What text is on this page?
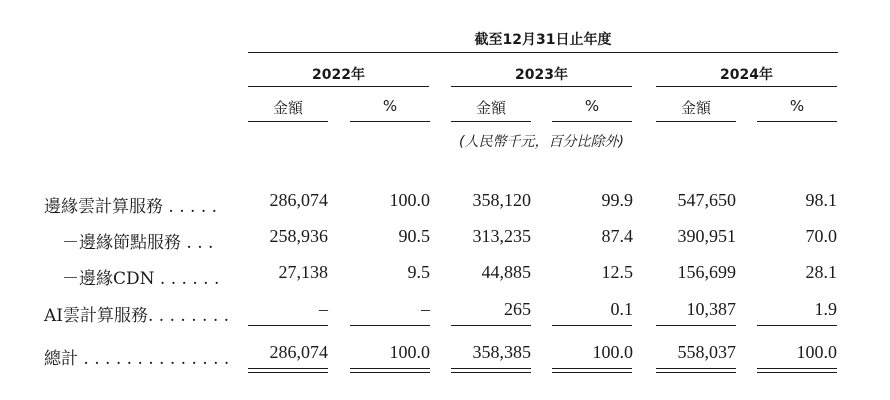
截至12月31日止年度
2022年	2023年	2024年
金額	%	金額	%	金額	%
(人民幣千元，百分比除外)
邊緣雲計算服務 . . . . .	286,074	100.0	358,120	99.9	547,650	98.1
－邊緣節點服務 . . .	258,936	90.5	313,235	87.4	390,951	70.0
－邊緣CDN . . . . . .	27,138	9.5	44,885	12.5	156,699	28.1
AI雲計算服務. . . . . . . .	–	–	265	0.1	10,387	1.9
總計 . . . . . . . . . . . . . .	286,074	100.0	358,385	100.0	558,037	100.0
